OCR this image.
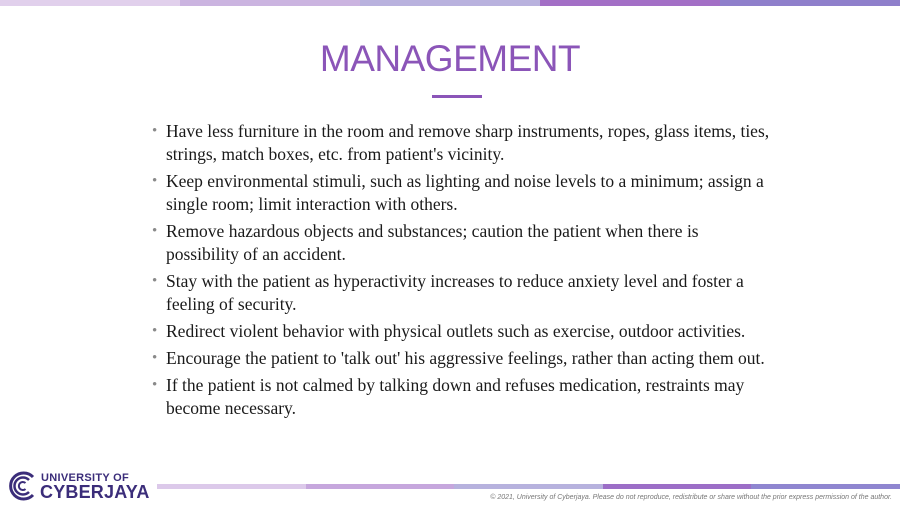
MANAGEMENT
• Have less furniture in the room and remove sharp instruments, ropes, glass items, ties, strings, match boxes, etc. from patient's vicinity.
• Keep environmental stimuli, such as lighting and noise levels to a minimum; assign a single room; limit interaction with others.
• Remove hazardous objects and substances; caution the patient when there is possibility of an accident.
• Stay with the patient as hyperactivity increases to reduce anxiety level and foster a feeling of security.
• Redirect violent behavior with physical outlets such as exercise, outdoor activities.
• Encourage the patient to 'talk out' his aggressive feelings, rather than acting them out.
• If the patient is not calmed by talking down and refuses medication, restraints may become necessary.
UNIVERSITY OF
CYBERJAYA	© 2021, University of Cyberjaya. Please do not reproduce, redistribute or share without the prior express permission of the author.
